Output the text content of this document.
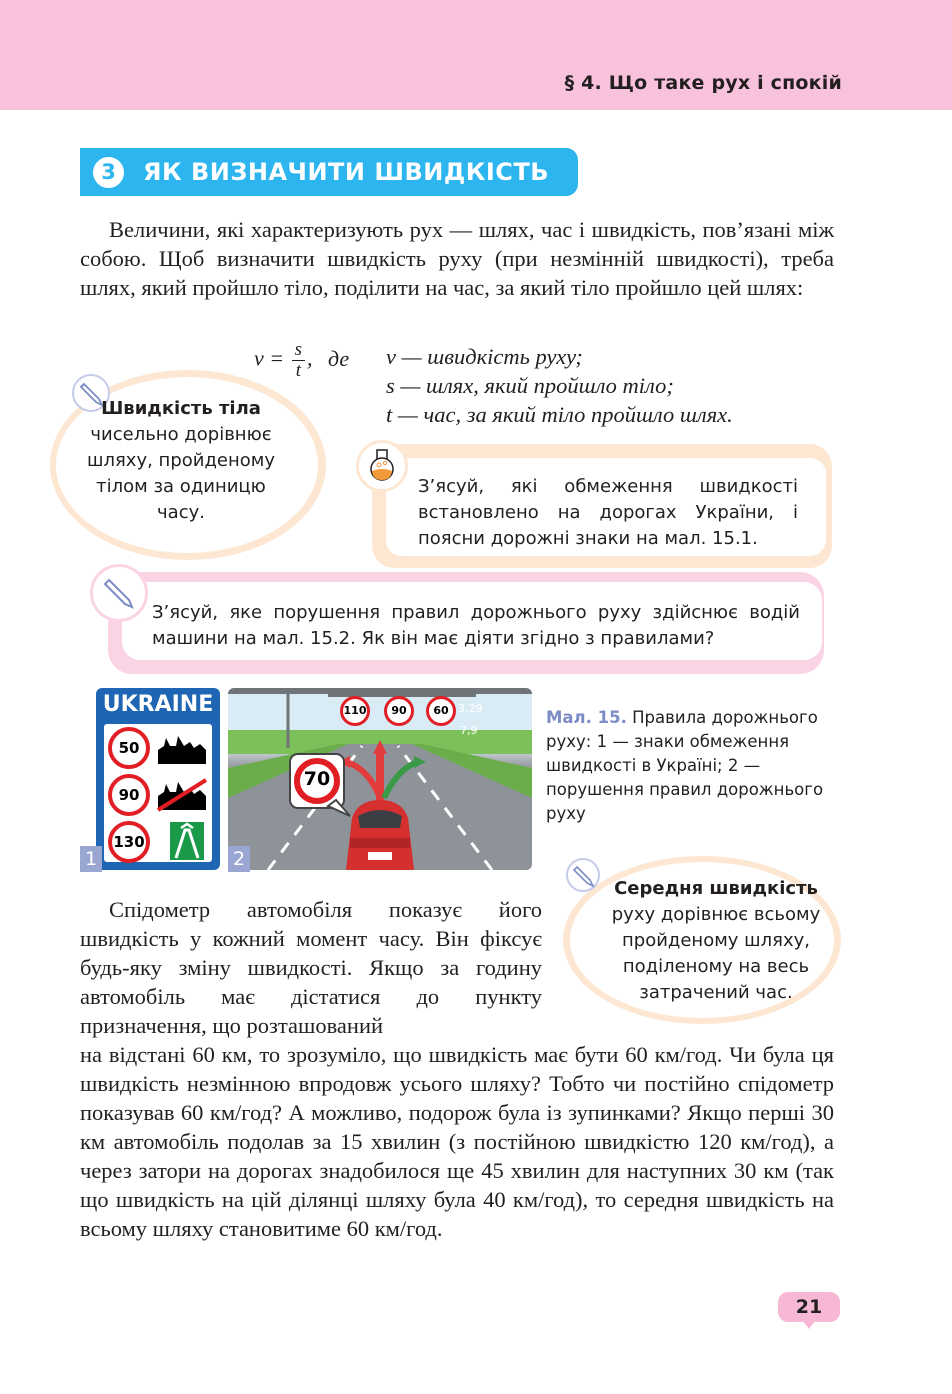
§ 4. Що таке рух і спокій
3	ЯК ВИЗНАЧИТИ ШВИДКІСТЬ
Величини, які характеризують рух — шлях, час і швидкість, пов’язані між собою. Щоб визначити швидкість руху (при незмінній швидкості), треба шлях, який пройшло тіло, поділити на час, за який тіло пройшло цей шлях:
$v = \frac{s}{t}$ , де v — швидкість руху;
s — шлях, який пройшло тіло;
t — час, за який тіло пройшло шлях.
Швидкість тіла чисельно дорівнює шляху, пройденому тілом за одиницю часу.
З’ясуй, які обмеження швидкості встановлено на дорогах України, і поясни дорожні знаки на мал. 15.1.
З’ясуй, яке порушення правил дорожнього руху здійснює водій машини на мал. 15.2. Як він має діяти згідно з правилами?
UKRAINE
50
90
130
1
110	90	60 3,29
7,9
70
2
Мал. 15. Правила дорожнього руху: 1 — знаки обмеження швидкості в Україні; 2 — порушення правил дорожнього руху
Середня швидкість
руху дорівнює всьому пройденому шляху, поділеному на весь затрачений час.
Спідометр автомобіля показує його швидкість у кожний момент часу. Він фіксує будь-яку зміну швидкості. Якщо за годину автомобіль має дістатися до пункту призначення, що розташований
на відстані 60 км, то зрозуміло, що швидкість має бути 60 км/год. Чи була ця швидкість незмінною впродовж усього шляху? Тобто чи постійно спідометр показував 60 км/год? А можливо, подорож була із зупинками? Якщо перші 30 км автомобіль подолав за 15 хвилин (з постійною швидкістю 120 км/год), а через затори на дорогах знадобилося ще 45 хвилин для наступних 30 км (так що швидкість на цій ділянці шляху була 40 км/год), то середня швидкість на всьому шляху становитиме 60 км/год.
21
